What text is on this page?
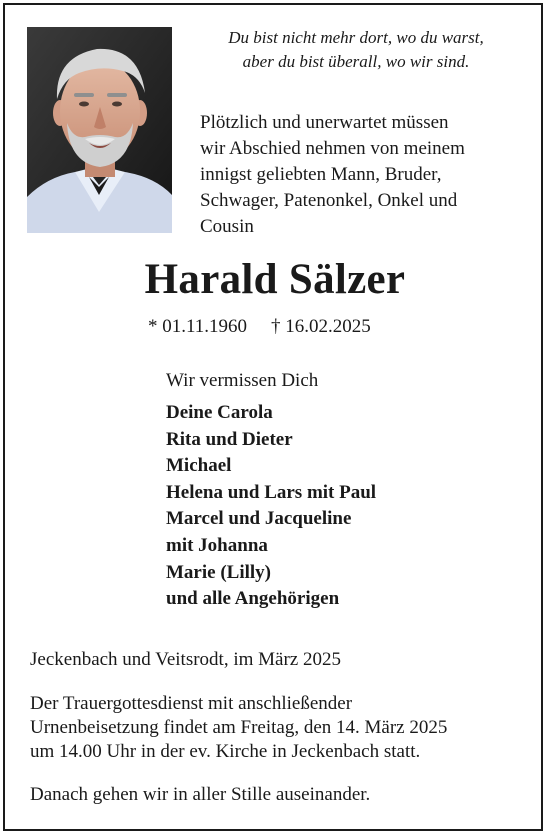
Du bist nicht mehr dort, wo du warst,
aber du bist überall, wo wir sind.
Plötzlich und unerwartet müssen
wir Abschied nehmen von meinem
innigst geliebten Mann, Bruder,
Schwager, Patenonkel, Onkel und
Cousin
Harald Sälzer
* 01.11.1960 † 16.02.2025
Wir vermissen Dich
Deine Carola
Rita und Dieter
Michael
Helena und Lars mit Paul
Marcel und Jacqueline
mit Johanna
Marie (Lilly)
und alle Angehörigen
Jeckenbach und Veitsrodt, im März 2025
Der Trauergottesdienst mit anschließender
Urnenbeisetzung findet am Freitag, den 14. März 2025
um 14.00 Uhr in der ev. Kirche in Jeckenbach statt.
Danach gehen wir in aller Stille auseinander.
